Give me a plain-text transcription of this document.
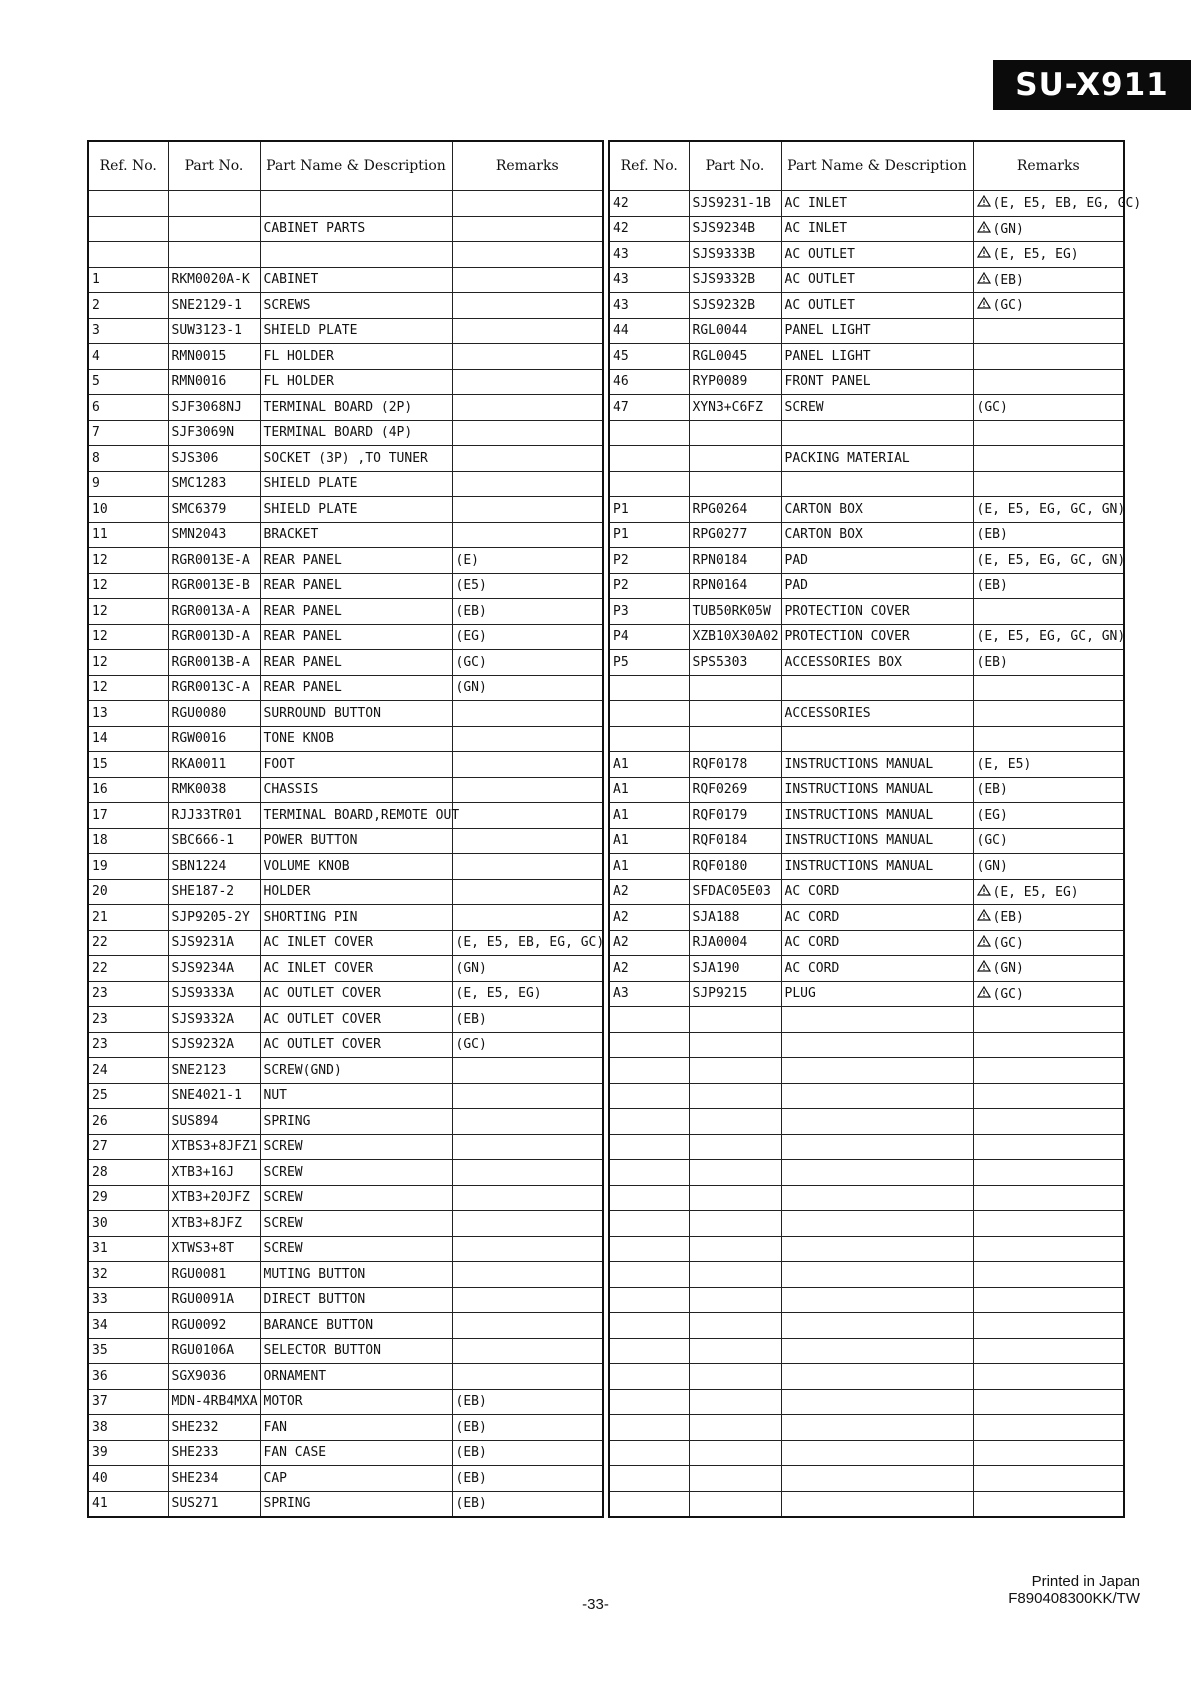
SU-X911
Ref. No.	Part No.	Part Name & Description	Remarks

		CABINET PARTS	

1	RKM0020A-K	CABINET	
2	SNE2129-1	SCREWS	
3	SUW3123-1	SHIELD PLATE	
4	RMN0015	FL HOLDER	
5	RMN0016	FL HOLDER	
6	SJF3068NJ	TERMINAL BOARD (2P)	
7	SJF3069N	TERMINAL BOARD (4P)	
8	SJS306	SOCKET (3P) ,TO TUNER	
9	SMC1283	SHIELD PLATE	
10	SMC6379	SHIELD PLATE	
11	SMN2043	BRACKET	
12	RGR0013E-A	REAR PANEL	(E)
12	RGR0013E-B	REAR PANEL	(E5)
12	RGR0013A-A	REAR PANEL	(EB)
12	RGR0013D-A	REAR PANEL	(EG)
12	RGR0013B-A	REAR PANEL	(GC)
12	RGR0013C-A	REAR PANEL	(GN)
13	RGU0080	SURROUND BUTTON	
14	RGW0016	TONE KNOB	
15	RKA0011	FOOT	
16	RMK0038	CHASSIS	
17	RJJ33TR01	TERMINAL BOARD,REMOTE OUT	
18	SBC666-1	POWER BUTTON	
19	SBN1224	VOLUME KNOB	
20	SHE187-2	HOLDER	
21	SJP9205-2Y	SHORTING PIN	
22	SJS9231A	AC INLET COVER	(E, E5, EB, EG, GC)
22	SJS9234A	AC INLET COVER	(GN)
23	SJS9333A	AC OUTLET COVER	(E, E5, EG)
23	SJS9332A	AC OUTLET COVER	(EB)
23	SJS9232A	AC OUTLET COVER	(GC)
24	SNE2123	SCREW(GND)	
25	SNE4021-1	NUT	
26	SUS894	SPRING	
27	XTBS3+8JFZ1	SCREW	
28	XTB3+16J	SCREW	
29	XTB3+20JFZ	SCREW	
30	XTB3+8JFZ	SCREW	
31	XTWS3+8T	SCREW	
32	RGU0081	MUTING BUTTON	
33	RGU0091A	DIRECT BUTTON	
34	RGU0092	BARANCE BUTTON	
35	RGU0106A	SELECTOR BUTTON	
36	SGX9036	ORNAMENT	
37	MDN-4RB4MXA	MOTOR	(EB)
38	SHE232	FAN	(EB)
39	SHE233	FAN CASE	(EB)
40	SHE234	CAP	(EB)
41	SUS271	SPRING	(EB)
Ref. No.	Part No.	Part Name & Description	Remarks
42	SJS9231-1B	AC INLET	(E, E5, EB, EG, GC)
42	SJS9234B	AC INLET	(GN)
43	SJS9333B	AC OUTLET	(E, E5, EG)
43	SJS9332B	AC OUTLET	(EB)
43	SJS9232B	AC OUTLET	(GC)
44	RGL0044	PANEL LIGHT	
45	RGL0045	PANEL LIGHT	
46	RYP0089	FRONT PANEL	
47	XYN3+C6FZ	SCREW	(GC)

		PACKING MATERIAL	

P1	RPG0264	CARTON BOX	(E, E5, EG, GC, GN)
P1	RPG0277	CARTON BOX	(EB)
P2	RPN0184	PAD	(E, E5, EG, GC, GN)
P2	RPN0164	PAD	(EB)
P3	TUB50RK05W	PROTECTION COVER	
P4	XZB10X30A02	PROTECTION COVER	(E, E5, EG, GC, GN)
P5	SPS5303	ACCESSORIES BOX	(EB)

		ACCESSORIES	

A1	RQF0178	INSTRUCTIONS MANUAL	(E, E5)
A1	RQF0269	INSTRUCTIONS MANUAL	(EB)
A1	RQF0179	INSTRUCTIONS MANUAL	(EG)
A1	RQF0184	INSTRUCTIONS MANUAL	(GC)
A1	RQF0180	INSTRUCTIONS MANUAL	(GN)
A2	SFDAC05E03	AC CORD	(E, E5, EG)
A2	SJA188	AC CORD	(EB)
A2	RJA0004	AC CORD	(GC)
A2	SJA190	AC CORD	(GN)
A3	SJP9215	PLUG	(GC)

-33-
Printed in Japan
F890408300KK/TW
